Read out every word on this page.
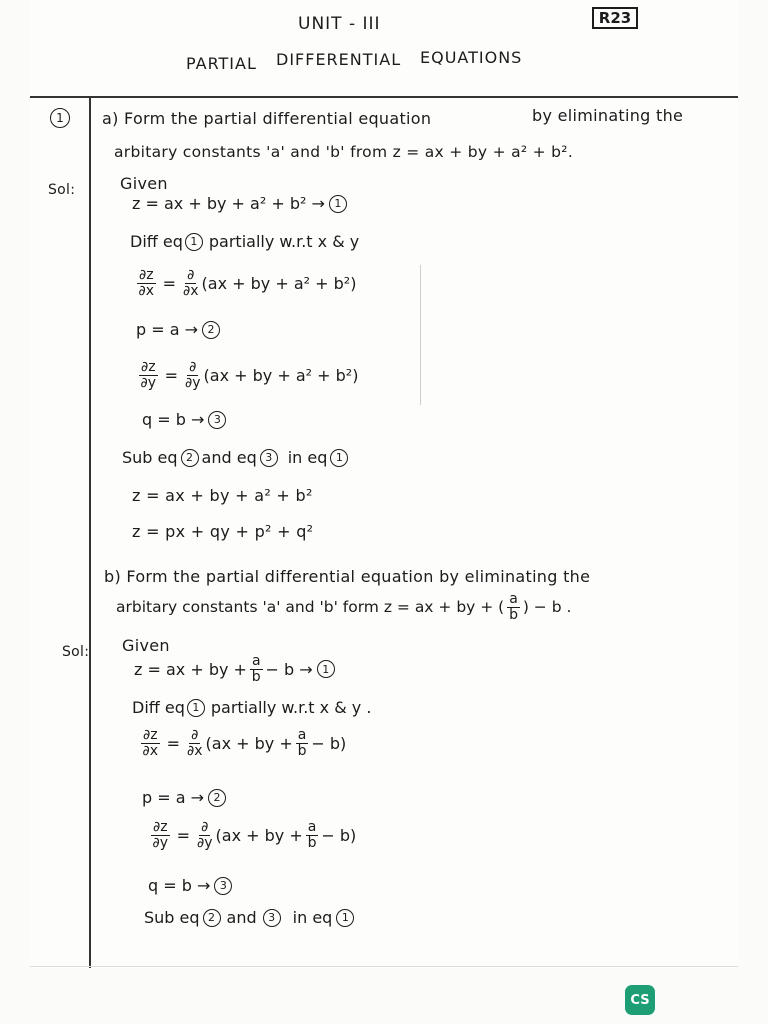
UNIT - III	R23
PARTIAL DIFFERENTIAL EQUATIONS
1	a) Form the partial differential equation	by eliminating the
arbitary constants 'a' and 'b' from z = ax + by + a² + b².
Sol:	Given
z = ax + by + a² + b² → 1
Diff eq 1 partially w.r.t x & y
$\frac{\partial z}{\partial x} = \frac{\partial}{\partial x} (ax$ + by + a² + b²)
p = a → 2
$\frac{\partial z}{\partial y} = \frac{\partial}{\partial y} (ax$ + by + a² + b²)
q = b → 3
Sub eq 2 and eq 3 in eq 1
z = ax + by + a² + b²
z = px + qy + p² + q²
b) Form the partial differential equation by eliminating the
arbitary constants 'a' and 'b' form z = ax + by + ( $\frac{a}{b}$ ) − b .
Sol: Given
z = ax + by + $\frac{a}{b} - b \to 1$
Diff eq 1 partially w.r.t x & y .
$\frac{\partial z}{\partial x} = \frac{\partial}{\partial x} (ax$ + by + $\frac{a}{b} - b$)
p = a → 2
$\frac{\partial z}{\partial y} = \frac{\partial}{\partial y} (ax$ + by + $\frac{a}{b} - b$)
q = b → 3
Sub eq 2 and	3	in eq 1
CS
